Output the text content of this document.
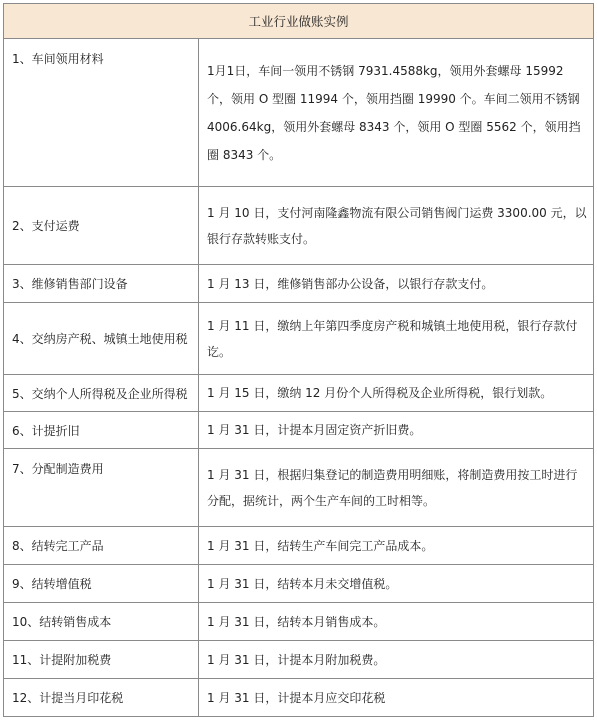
工业行业做账实例	
1、车间领用材料	1月1日，车间一领用不锈钢 7931.4588kg，领用外套螺母 15992个，领用 O 型圈 11994 个，领用挡圈 19990 个。车间二领用不锈钢4006.64kg，领用外套螺母 8343 个，领用 O 型圈 5562 个，领用挡圈 8343 个。
2、支付运费	1 月 10 日，支付河南隆鑫物流有限公司销售阀门运费 3300.00 元，以银行存款转账支付。
3、维修销售部门设备	1 月 13 日，维修销售部办公设备，以银行存款支付。
4、交纳房产税、城镇土地使用税	1 月 11 日，缴纳上年第四季度房产税和城镇土地使用税，银行存款付讫。
5、交纳个人所得税及企业所得税	1 月 15 日，缴纳 12 月份个人所得税及企业所得税，银行划款。
6、计提折旧	1 月 31 日，计提本月固定资产折旧费。
7、分配制造费用	1 月 31 日，根据归集登记的制造费用明细账，将制造费用按工时进行分配，据统计，两个生产车间的工时相等。
8、结转完工产品	1 月 31 日，结转生产车间完工产品成本。
9、结转增值税	1 月 31 日，结转本月未交增值税。
10、结转销售成本	1 月 31 日，结转本月销售成本。
11、计提附加税费	1 月 31 日，计提本月附加税费。
12、计提当月印花税	1 月 31 日，计提本月应交印花税
